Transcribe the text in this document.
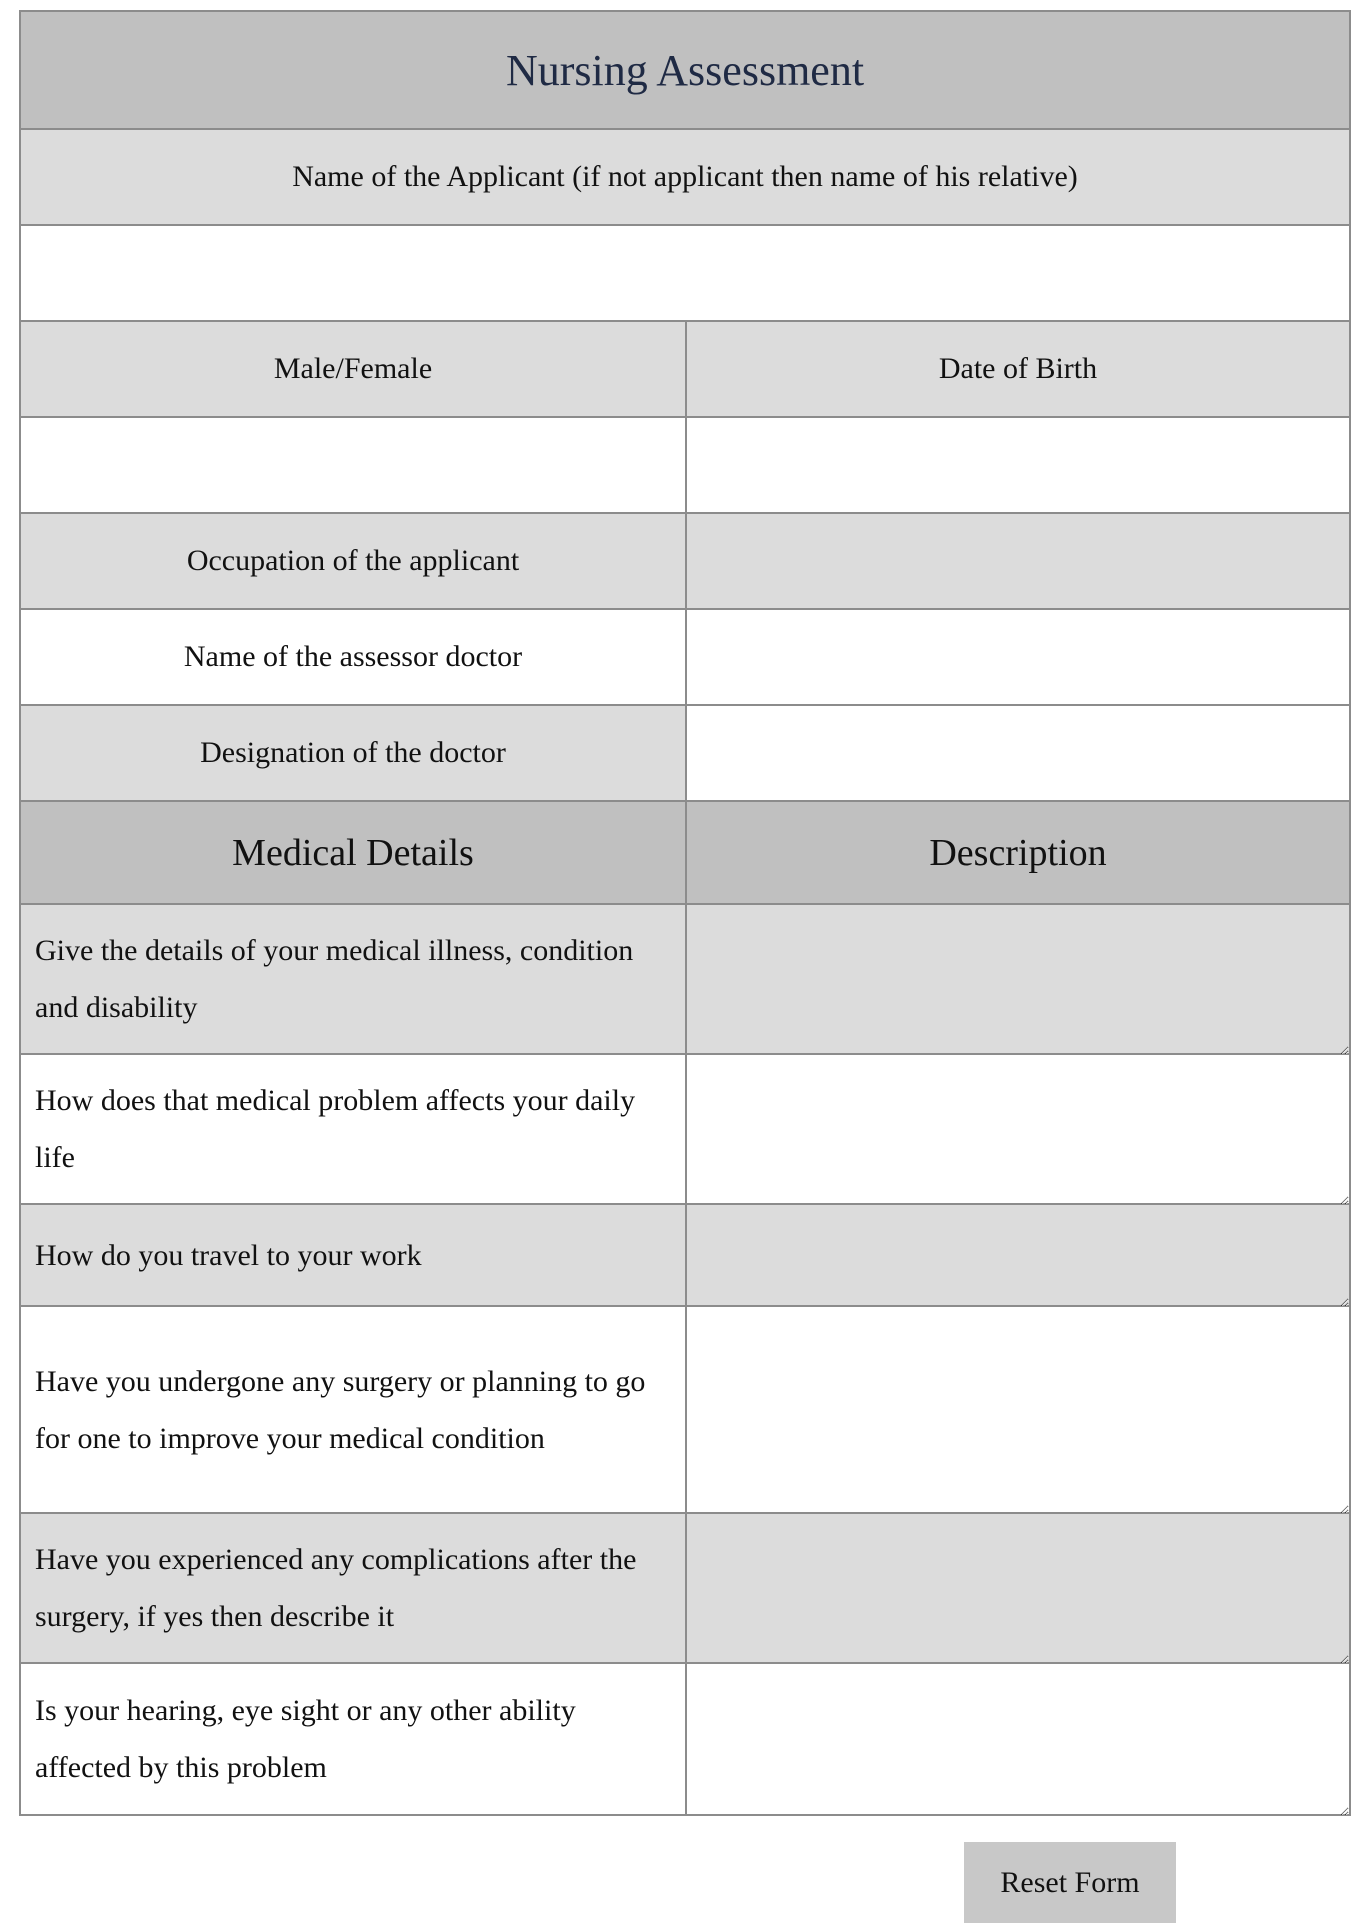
Nursing Assessment
Name of the Applicant (if not applicant then name of his relative)
Male/Female	Date of Birth
Occupation of the applicant
Name of the assessor doctor
Designation of the doctor
Medical Details	Description
Give the details of your medical illness, condition and disability
How does that medical problem affects your daily life
How do you travel to your work
Have you undergone any surgery or planning to go for one to improve your medical condition
Have you experienced any complications after the surgery, if yes then describe it
Is your hearing, eye sight or any other ability affected by this problem
Reset Form
